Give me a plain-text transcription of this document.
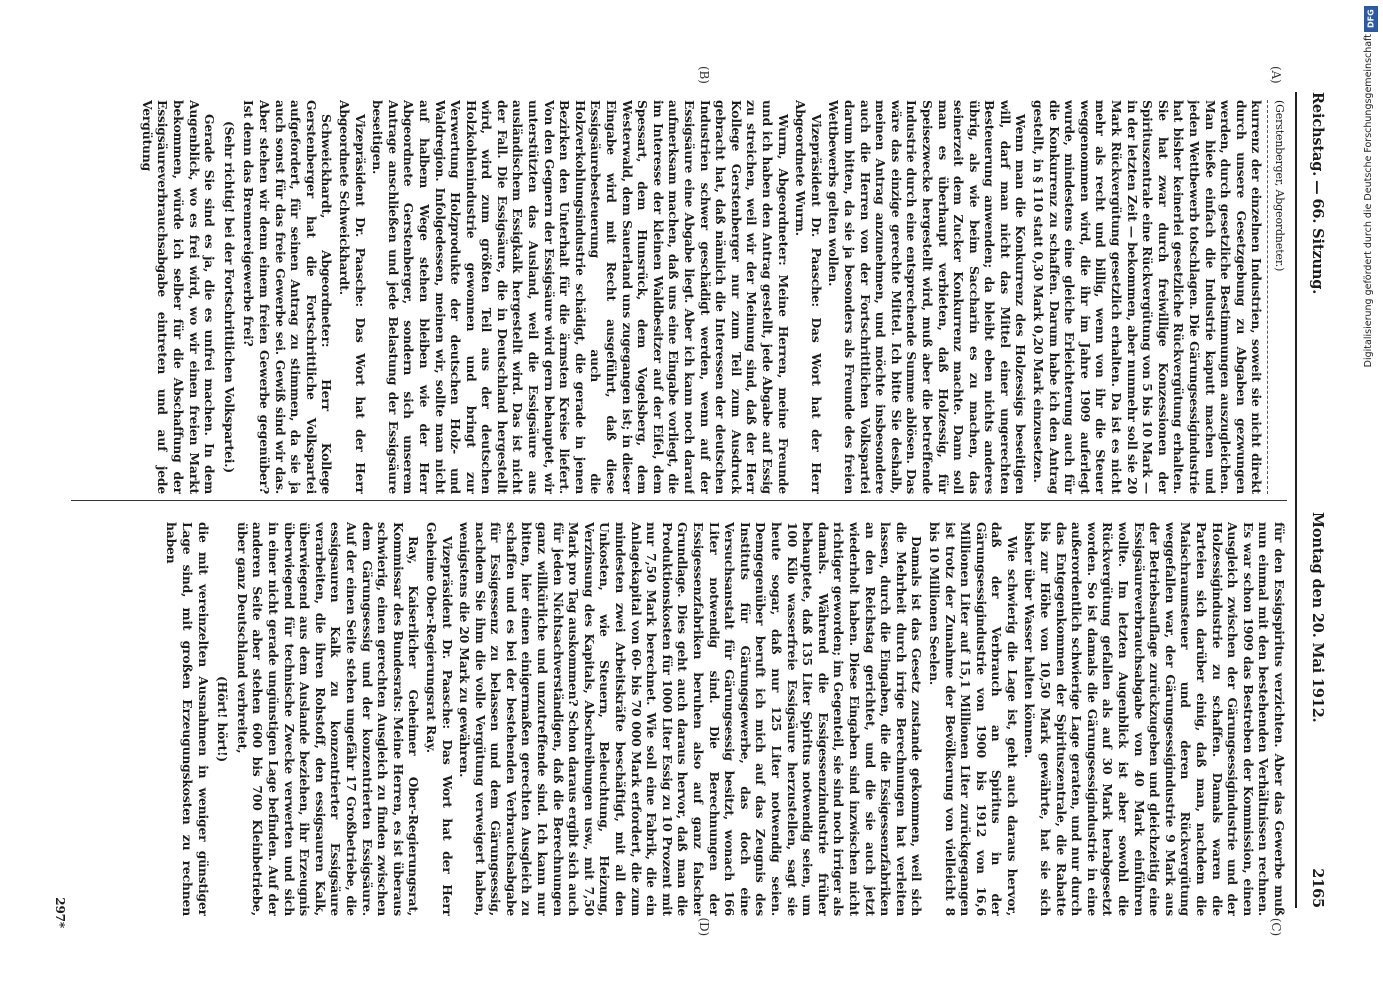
DFG
Digitalisierung gefördert durch die Deutsche Forschungsgemeinschaft
Reichstag.
—
66. Sitzung.
Montag den 20. Mai 1912.
2165
(A)
(B)
(C)
(D)

(Gerstenberger, Abgeordneter.)

kurrenz der einzelnen Industrien, soweit sie nicht direkt durch unsere Gesetzgebung zu Abgaben gezwungen werden, durch gesetzliche Bestimmungen auszugleichen. Man hieße einfach die Industrie kaputt machen und jeden Wettbewerb totschlagen. Die Gärungsessigindustrie hat bisher keinerlei gesetzliche Rückvergütung erhalten. Sie hat zwar durch freiwillige Konzessionen der Spirituszentrale eine Rückvergütung von 5 bis 10 Mark — in der letzten Zeit — bekommen, aber nunmehr soll sie 20 Mark Rückvergütung gesetzlich erhalten. Da ist es nicht mehr als recht und billig, wenn von ihr die Steuer weggenommen wird, die ihr im Jahre 1909 auferlegt wurde, mindestens eine gleiche Erleichterung auch für die Konkurrenz zu schaffen. Darum habe ich den Antrag gestellt, in § 110 statt 0,30 Mark 0,20 Mark einzusetzen.

Wenn man die Konkurrenz des Holzessigs beseitigen will, darf man nicht das Mittel einer ungerechten Besteuerung anwenden; da bleibt eben nichts anderes übrig, als wie beim Saccharin es zu machen, das seinerzeit dem Zucker Konkurrenz machte. Dann soll man es überhaupt verbieten, daß Holzessig, für Speisezwecke hergestellt wird, muß aber die betreffende Industrie durch eine entsprechende Summe ablösen. Das wäre das einzige gerechte Mittel. Ich bitte Sie deshalb, meinen Antrag anzunehmen, und möchte insbesondere auch die Herren von der Fortschrittlichen Volkspartei darum bitten, da sie ja besonders als Freunde des freien Wettbewerbs gelten wollen.

Vizepräsident Dr. Paasche: Das Wort hat der Herr Abgeordnete Wurm.

Wurm, Abgeordneter: Meine Herren, meine Freunde und ich haben den Antrag gestellt, jede Abgabe auf Essig zu streichen, weil wir der Meinung sind, daß der Herr Kollege Gerstenberger nur zum Teil zum Ausdruck gebracht hat, daß nämlich die Interessen der deutschen Industrien schwer geschädigt werden, wenn auf der Essigsäure eine Abgabe liegt. Aber ich kann noch darauf aufmerksam machen, daß uns eine Eingabe vorliegt, die im Interesse der kleinen Waldbesitzer auf der Eifel, dem Spessart, dem Hunsrück, dem Vogelsberg, dem Westerwald, dem Sauerland uns zugegangen ist; in dieser Eingabe wird mit Recht ausgeführt, daß diese Essigsäurebesteuerung auch die Holzverkohlungsindustrie schädigt, die gerade in jenen Bezirken den Unterhalt für die ärmsten Kreise liefert. Von den Gegnern der Essigsäure wird gern behauptet, wir unterstützten das Ausland, weil die Essigsäure aus ausländischem Essigkalk hergestellt wird. Das ist nicht der Fall. Die Essigsäure, die in Deutschland hergestellt wird, wird zum größten Teil aus der deutschen Holzkohlenindustrie gewonnen und bringt zur Verwertung Holzprodukte der deutschen Holz- und Waldregion. Infolgedessen, meinen wir, sollte man nicht auf halbem Wege stehen bleiben wie der Herr Abgeordnete Gerstenberger, sondern sich unserem Antrage anschließen und jede Belastung der Essigsäure beseitigen.

Vizepräsident Dr. Paasche: Das Wort hat der Herr Abgeordnete Schweickhardt.

Schweickhardt, Abgeordneter: Herr Kollege Gerstenberger hat die Fortschrittliche Volkspartei aufgefordert, für seinen Antrag zu stimmen, da sie ja auch sonst für das freie Gewerbe sei. Gewiß sind wir das. Aber stehen wir denn einem freien Gewerbe gegenüber? Ist denn das Brennereigewerbe frei?

(Sehr richtig! bei der Fortschrittlichen Volkspartei.)

Gerade Sie sind es ja, die es unfrei machen. In dem Augenblick, wo es frei wird, wo wir einen freien Markt bekommen, würde ich selber für die Abschaffung der Essigsäureverbrauchsabgabe eintreten und auf jede Vergütung

für den Essigspiritus verzichten. Aber das Gewerbe muß nun einmal mit den bestehenden Verhältnissen rechnen. Es war schon 1909 das Bestreben der Kommission, einen Ausgleich zwischen der Gärungsessigindustrie und der Holzessigindustrie zu schaffen. Damals waren die Parteien sich darüber einig, daß man, nachdem die Maischraumsteuer und deren Rückvergütung weggefallen war, der Gärungsessigindustrie 9 Mark aus der Betriebsauflage zurückzugeben und gleichzeitig eine Essigsäureverbrauchsabgabe von 40 Mark einführen wollte. Im letzten Augenblick ist aber sowohl die Rückvergütung gefallen als auf 30 Mark herabgesetzt worden. So ist damals die Gärungsessigindustrie in eine außerordentlich schwierige Lage geraten, und nur durch das Entgegenkommen der Spirituszentrale, die Rabatte bis zur Höhe von 10,50 Mark gewährte, hat sie sich bisher über Wasser halten können.

Wie schwierig die Lage ist, geht auch daraus hervor, daß der Verbrauch an Spiritus in der Gärungsessigindustrie von 1900 bis 1912 von 16,6 Millionen Liter auf 15,1 Millionen Liter zurückgegangen ist trotz der Zunahme der Bevölkerung von vielleicht 8 bis 10 Millionen Seelen.

Damals ist das Gesetz zustande gekommen, weil sich die Mehrheit durch irrige Berechnungen hat verleiten lassen, durch die Eingaben, die die Essigessenzfabriken an den Reichstag gerichtet, und die sie auch jetzt wiederholt haben. Diese Eingaben sind inzwischen nicht richtiger geworden; im Gegenteil, sie sind noch irriger als damals. Während die Essigessenzindustrie früher behauptete, daß 135 Liter Spiritus notwendig seien, um 100 Kilo wasserfreie Essigsäure herzustellen, sagt sie heute sogar, daß nur 125 Liter notwendig seien. Demgegenüber beruft ich mich auf das Zeugnis des Instituts für Gärungsgewerbe, das doch eine Versuchsanstalt für Gärungsessig besitzt, wonach 166 Liter notwendig sind. Die Berechnungen der Essigessenzfabriken beruhen also auf ganz falscher Grundlage. Dies geht auch daraus hervor, daß man die Produktionskosten für 1000 Liter Essig zu 10 Prozent mit nur 7,50 Mark berechnet. Wie soll eine Fabrik, die ein Anlagekapital von 60- bis 70 000 Mark erfordert, die zum mindesten zwei Arbeitskräfte beschäftigt, mit all den Unkosten, wie Steuern, Beleuchtung, Heizung, Verzinsung des Kapitals, Abschreibungen usw., mit 7,50 Mark pro Tag auskommen? Schon daraus ergibt sich auch für jeden Nichtsachverständigen, daß die Berechnungen ganz willkürliche und unzutreffende sind. Ich kann nur bitten, hier einen einigermaßen gerechten Ausgleich zu schaffen und es bei der bestehenden Verbrauchsabgabe für Essigessenz zu belassen und dem Gärungsessig, nachdem Sie ihm die volle Vergütung verweigert haben, wenigstens die 20 Mark zu gewähren.

Vizepräsident Dr. Paasche: Das Wort hat der Herr Geheime Ober-Regierungsrat Ray.

Ray, Kaiserlicher Geheimer Ober-Regierungsrat, Kommissar des Bundesrats: Meine Herren, es ist überaus schwierig, einen gerechten Ausgleich zu finden zwischen dem Gärungsessig und der konzentrierten Essigsäure. Auf der einen Seite stehen ungefähr 17 Großbetriebe, die essigsauren Kalk zu konzentrierter Essigsäure verarbeiten, die ihren Rohstoff, den essigsauren Kalk, überwiegend aus dem Auslande beziehen, ihr Erzeugnis überwiegend für technische Zwecke verwerten und sich in einer nicht gerade ungünstigen Lage befinden. Auf der anderen Seite aber stehen 600 bis 700 Kleinbetriebe, über ganz Deutschland verbreitet,

(Hört! hört!)

die mit vereinzelten Ausnahmen in weniger günstiger Lage sind, mit großen Erzeugungskosten zu rechnen haben

297*
